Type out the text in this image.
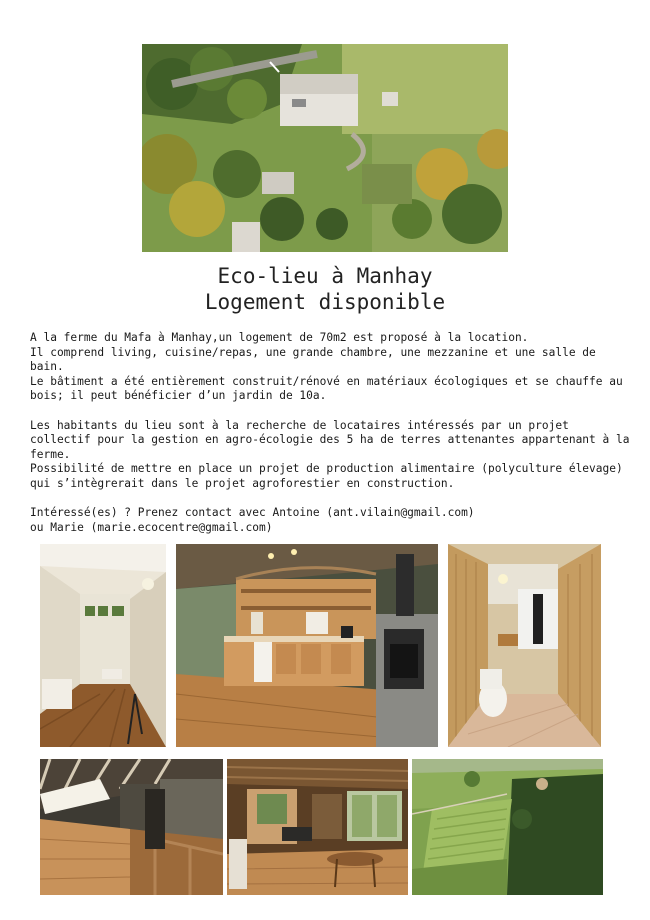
Eco-lieu à Manhay
Logement disponible

A la ferme du Mafa à Manhay,un logement de 70m2 est proposé à la location.

Il comprend living, cuisine/repas, une grande chambre, une mezzanine et une salle de bain.

Le bâtiment a été entièrement construit/rénové en matériaux écologiques et se chauffe au bois; il peut bénéficier d’un jardin de 10a.

Les habitants du lieu sont à la recherche de locataires intéressés par un projet collectif pour la gestion en agro-écologie des 5 ha de terres attenantes appartenant à la ferme.

Possibilité de mettre en place un projet de production alimentaire (polyculture élevage) qui s’intègrerait dans le projet agroforestier en construction.

Intéressé(es) ? Prenez contact avec Antoine (ant.vilain@gmail.com)

ou Marie (marie.ecocentre@gmail.com)
